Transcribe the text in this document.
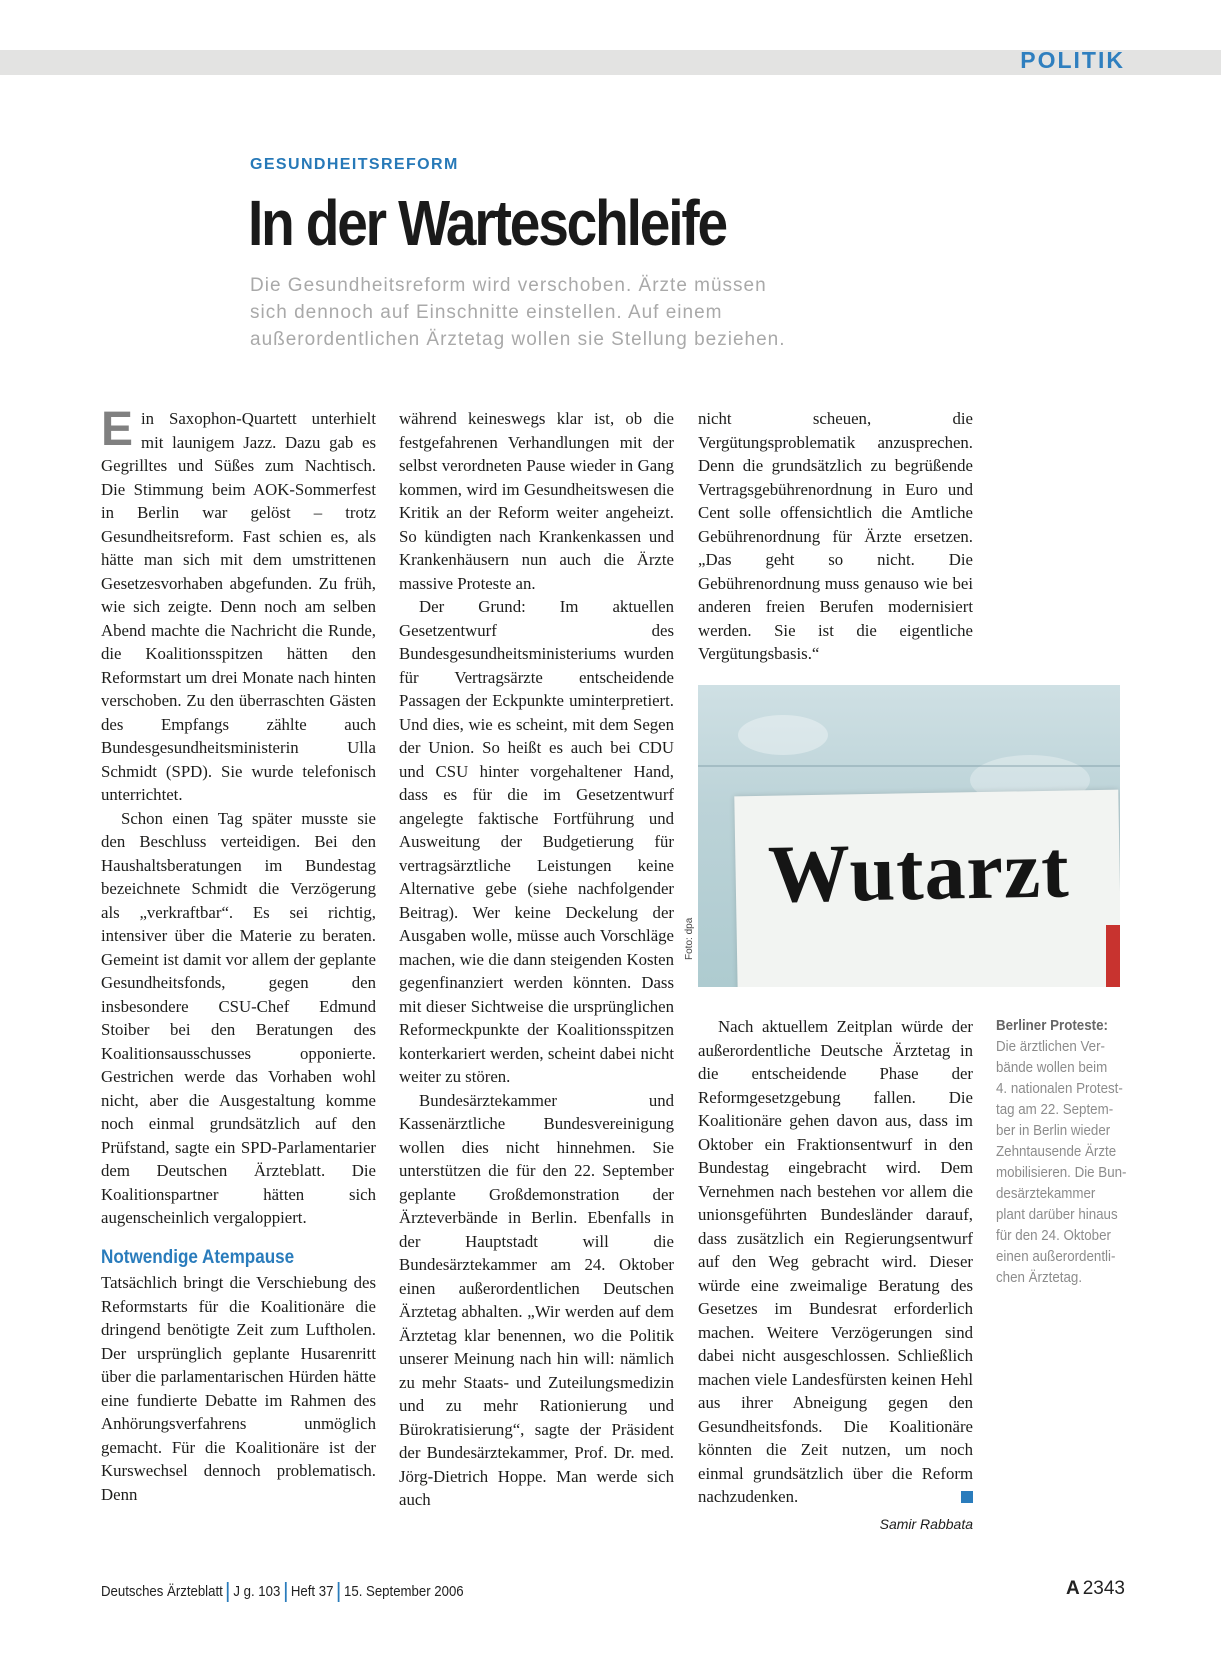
POLITIK
GESUNDHEITSREFORM
In der Warteschleife
Die Gesundheitsreform wird verschoben. Ärzte müssen
sich dennoch auf Einschnitte einstellen. Auf einem
außerordentlichen Ärztetag wollen sie Stellung beziehen.

Ein Saxophon-Quartett unterhielt mit launigem Jazz. Dazu gab es Gegrilltes und Süßes zum Nachtisch. Die Stimmung beim AOK-Sommerfest in Berlin war gelöst – trotz Gesundheitsreform. Fast schien es, als hätte man sich mit dem umstrittenen Gesetzesvorhaben abgefunden. Zu früh, wie sich zeigte. Denn noch am selben Abend machte die Nachricht die Runde, die Koalitionsspitzen hätten den Reformstart um drei Monate nach hinten verschoben. Zu den überraschten Gästen des Empfangs zählte auch Bundesgesundheitsministerin Ulla Schmidt (SPD). Sie wurde telefonisch unterrichtet.

Schon einen Tag später musste sie den Beschluss verteidigen. Bei den Haushaltsberatungen im Bundestag bezeichnete Schmidt die Verzögerung als „verkraftbar“. Es sei richtig, intensiver über die Materie zu beraten. Gemeint ist damit vor allem der geplante Gesundheitsfonds, gegen den insbesondere CSU-Chef Edmund Stoiber bei den Beratungen des Koalitionsausschusses opponierte. Gestrichen werde das Vorhaben wohl nicht, aber die Ausgestaltung komme noch einmal grundsätzlich auf den Prüfstand, sagte ein SPD-Parlamentarier dem Deutschen Ärzteblatt. Die Koalitionspartner hätten sich augenscheinlich vergaloppiert.

Notwendige Atempause

Tatsächlich bringt die Verschiebung des Reformstarts für die Koalitionäre die dringend benötigte Zeit zum Luftholen. Der ursprünglich geplante Husarenritt über die parlamentarischen Hürden hätte eine fundierte Debatte im Rahmen des Anhörungsverfahrens unmöglich gemacht. Für die Koalitionäre ist der Kurswechsel dennoch problematisch. Denn

während keineswegs klar ist, ob die festgefahrenen Verhandlungen mit der selbst verordneten Pause wieder in Gang kommen, wird im Gesundheitswesen die Kritik an der Reform weiter angeheizt. So kündigten nach Krankenkassen und Krankenhäusern nun auch die Ärzte massive Proteste an.

Der Grund: Im aktuellen Gesetzentwurf des Bundesgesundheitsministeriums wurden für Vertragsärzte entscheidende Passagen der Eckpunkte uminterpretiert. Und dies, wie es scheint, mit dem Segen der Union. So heißt es auch bei CDU und CSU hinter vorgehaltener Hand, dass es für die im Gesetzentwurf angelegte faktische Fortführung und Ausweitung der Budgetierung für vertragsärztliche Leistungen keine Alternative gebe (siehe nachfolgender Beitrag). Wer keine Deckelung der Ausgaben wolle, müsse auch Vorschläge machen, wie die dann steigenden Kosten gegenfinanziert werden könnten. Dass mit dieser Sichtweise die ursprünglichen Reformeckpunkte der Koalitionsspitzen konterkariert werden, scheint dabei nicht weiter zu stören.

Bundesärztekammer und Kassenärztliche Bundesvereinigung wollen dies nicht hinnehmen. Sie unterstützen die für den 22. September geplante Großdemonstration der Ärzteverbände in Berlin. Ebenfalls in der Hauptstadt will die Bundesärztekammer am 24. Oktober einen außerordentlichen Deutschen Ärztetag abhalten. „Wir werden auf dem Ärztetag klar benennen, wo die Politik unserer Meinung nach hin will: nämlich zu mehr Staats- und Zuteilungsmedizin und zu mehr Rationierung und Bürokratisierung“, sagte der Präsident der Bundesärztekammer, Prof. Dr. med. Jörg-Dietrich Hoppe. Man werde sich auch

nicht scheuen, die Vergütungsproblematik anzusprechen. Denn die grundsätzlich zu begrüßende Vertragsgebührenordnung in Euro und Cent solle offensichtlich die Amtliche Gebührenordnung für Ärzte ersetzen. „Das geht so nicht. Die Gebührenordnung muss genauso wie bei anderen freien Berufen modernisiert werden. Sie ist die eigentliche Vergütungsbasis.“

Wutarzt
Foto: dpa

Nach aktuellem Zeitplan würde der außerordentliche Deutsche Ärztetag in die entscheidende Phase der Reformgesetzgebung fallen. Die Koalitionäre gehen davon aus, dass im Oktober ein Fraktionsentwurf in den Bundestag eingebracht wird. Dem Vernehmen nach bestehen vor allem die unionsgeführten Bundesländer darauf, dass zusätzlich ein Regierungsentwurf auf den Weg gebracht wird. Dieser würde eine zweimalige Beratung des Gesetzes im Bundesrat erforderlich machen. Weitere Verzögerungen sind dabei nicht ausgeschlossen. Schließlich machen viele Landesfürsten keinen Hehl aus ihrer Abneigung gegen den Gesundheitsfonds. Die Koalitionäre könnten die Zeit nutzen, um noch einmal grundsätzlich über die Reform nachzudenken.

Samir Rabbata

Berliner Proteste:
Die ärztlichen Ver-
bände wollen beim
4. nationalen Protest-
tag am 22. Septem-
ber in Berlin wieder
Zehntausende Ärzte
mobilisieren. Die Bun-
desärztekammer
plant darüber hinaus
für den 24. Oktober
einen außerordentli-
chen Ärztetag.
Deutsches Ärzteblatt J g. 103 Heft 37 15. September 2006	A 2343
